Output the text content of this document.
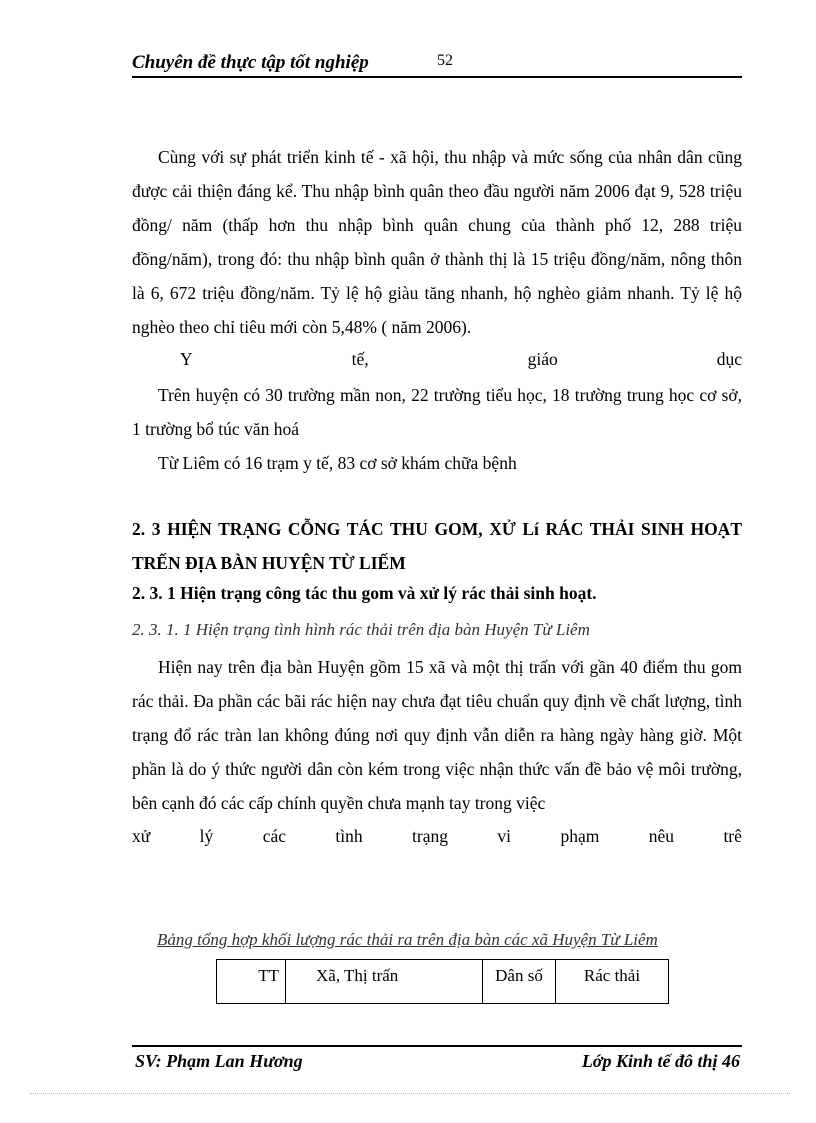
Chuyên đề thực tập tốt nghiệp	52
Cùng với sự phát triển kinh tế - xã hội, thu nhập và mức sống của nhân dân cũng được cải thiện đáng kể. Thu nhập bình quân theo đầu người năm 2006 đạt 9, 528 triệu đồng/ năm (thấp hơn thu nhập bình quân chung của thành phố 12, 288 triệu đồng/năm), trong đó: thu nhập bình quân ở thành thị là 15 triệu đồng/năm, nông thôn là 6, 672 triệu đồng/năm. Tỷ lệ hộ giàu tăng nhanh, hộ nghèo giảm nhanh. Tỷ lệ hộ nghèo theo chỉ tiêu mới còn 5,48% ( năm 2006).
Y	tế,	giáo	dục
Trên huyện có 30 trường mần non, 22 trường tiểu học, 18 trường trung học cơ sở, 1 trường bổ túc văn hoá
Từ Liêm có 16 trạm y tế, 83 cơ sở khám chữa bệnh
2. 3 HIỆN TRẠNG CỖNG TÁC THU GOM, XỬ Lí RÁC THẢI SINH HOẠT TRẾN ĐỊA BÀN HUYỆN TỪ LIẾM
2. 3. 1 Hiện trạng công tác thu gom và xử lý rác thải sinh hoạt.
2. 3. 1. 1 Hiện trạng tình hình rác thải trên địa bàn Huyện Từ Liêm
Hiện nay trên địa bàn Huyện gồm 15 xã và một thị trấn với gần 40 điểm thu gom rác thải. Đa phần các bãi rác hiện nay chưa đạt tiêu chuẩn quy định về chất lượng, tình trạng đổ rác tràn lan không đúng nơi quy định vẫn diễn ra hàng ngày hàng giờ. Một phần là do ý thức người dân còn kém trong việc nhận thức vấn đề bảo vệ môi trường, bên cạnh đó các cấp chính quyền chưa mạnh tay trong việc
xử	lý	các	tình	trạng	vi	phạm	nêu	trê
Bảng tổng hợp khối lượng rác thải ra trên địa bàn các xã Huyện Từ Liêm
TT	Xã, Thị trấn	Dân số	Rác thải
SV: Phạm Lan Hương	Lớp Kinh tế đô thị 46
